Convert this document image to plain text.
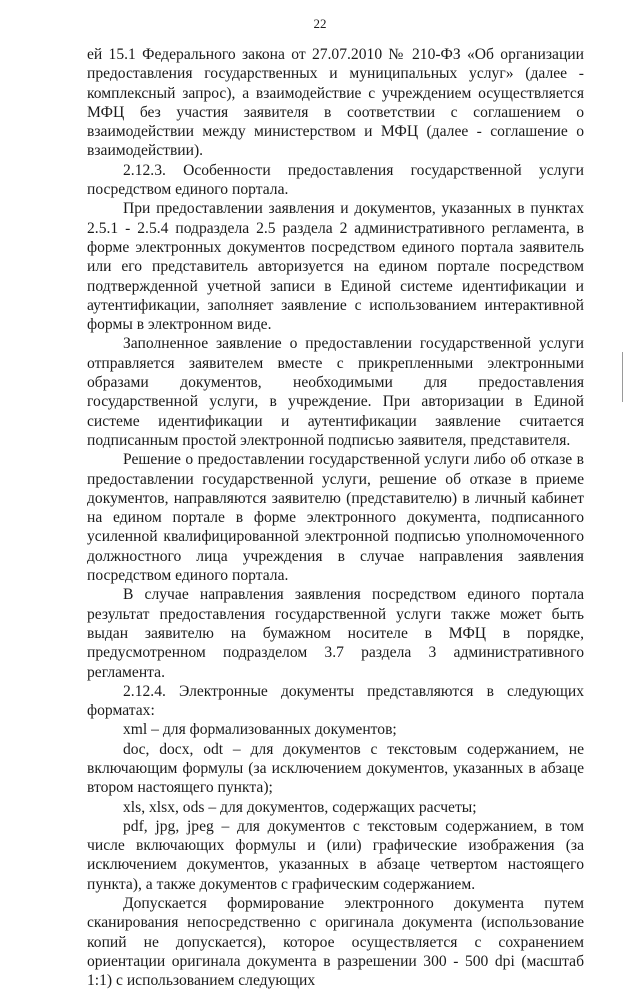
22

ей 15.1 Федерального закона от 27.07.2010 № 210-ФЗ «Об организации предоставления государственных и муниципальных услуг» (далее - комплексный запрос), а взаимодействие с учреждением осуществляется МФЦ без участия заявителя в соответствии с соглашением о взаимодействии между министерством и МФЦ (далее - соглашение о взаимодействии).

2.12.3. Особенности предоставления государственной услуги посредством единого портала.

При предоставлении заявления и документов, указанных в пунктах 2.5.1 - 2.5.4 подраздела 2.5 раздела 2 административного регламента, в форме электронных документов посредством единого портала заявитель или его представитель авторизуется на едином портале посредством подтвержденной учетной записи в Единой системе идентификации и аутентификации, заполняет заявление с использованием интерактивной формы в электронном виде.

Заполненное заявление о предоставлении государственной услуги отправляется заявителем вместе с прикрепленными электронными образами документов, необходимыми для предоставления государственной услуги, в учреждение. При авторизации в Единой системе идентификации и аутентификации заявление считается подписанным простой электронной подписью заявителя, представителя.

Решение о предоставлении государственной услуги либо об отказе в предоставлении государственной услуги, решение об отказе в приеме документов, направляются заявителю (представителю) в личный кабинет на едином портале в форме электронного документа, подписанного усиленной квалифицированной электронной подписью уполномоченного должностного лица учреждения в случае направления заявления посредством единого портала.

В случае направления заявления посредством единого портала результат предоставления государственной услуги также может быть выдан заявителю на бумажном носителе в МФЦ в порядке, предусмотренном подразделом 3.7 раздела 3 административного регламента.

2.12.4. Электронные документы представляются в следующих форматах:

xml – для формализованных документов;

doc, docx, odt – для документов с текстовым содержанием, не включающим формулы (за исключением документов, указанных в абзаце втором настоящего пункта);

xls, xlsx, ods – для документов, содержащих расчеты;

pdf, jpg, jpeg – для документов с текстовым содержанием, в том числе включающих формулы и (или) графические изображения (за исключением документов, указанных в абзаце четвертом настоящего пункта), а также документов с графическим содержанием.

Допускается формирование электронного документа путем сканирования непосредственно с оригинала документа (использование копий не допускается), которое осуществляется с сохранением ориентации оригинала документа в разрешении 300 - 500 dpi (масштаб 1:1) с использованием следующих
